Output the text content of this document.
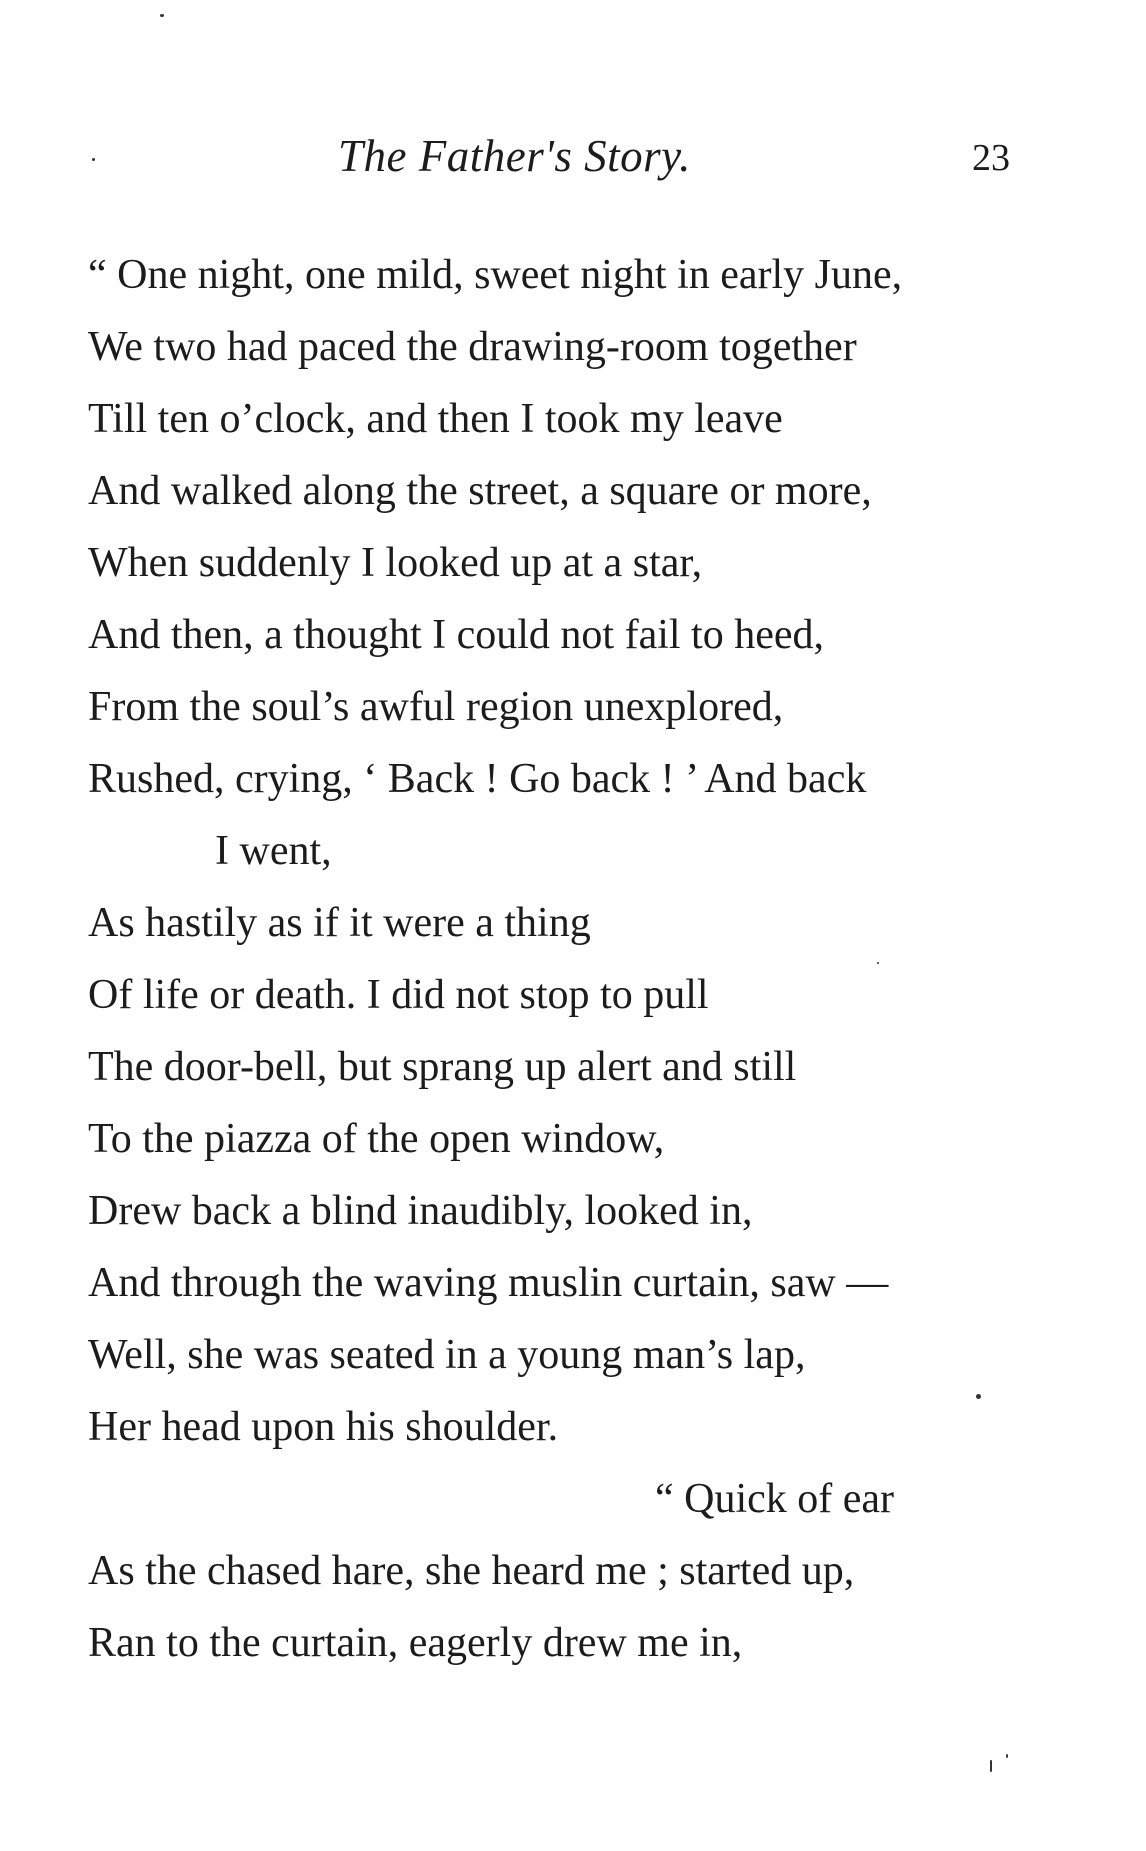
The Father's Story.	23
“ One night, one mild, sweet night in early June,
We two had paced the drawing-room together
Till ten o’clock, and then I took my leave
And walked along the street, a square or more,
When suddenly I looked up at a star,
And then, a thought I could not fail to heed,
From the soul’s awful region unexplored,
Rushed, crying, ‘ Back ! Go back ! ’ And back
I went,
As hastily as if it were a thing
Of life or death. I did not stop to pull
The door-bell, but sprang up alert and still
To the piazza of the open window,
Drew back a blind inaudibly, looked in,
And through the waving muslin curtain, saw —
Well, she was seated in a young man’s lap,
Her head upon his shoulder.
“ Quick of ear
As the chased hare, she heard me ; started up,
Ran to the curtain, eagerly drew me in,
